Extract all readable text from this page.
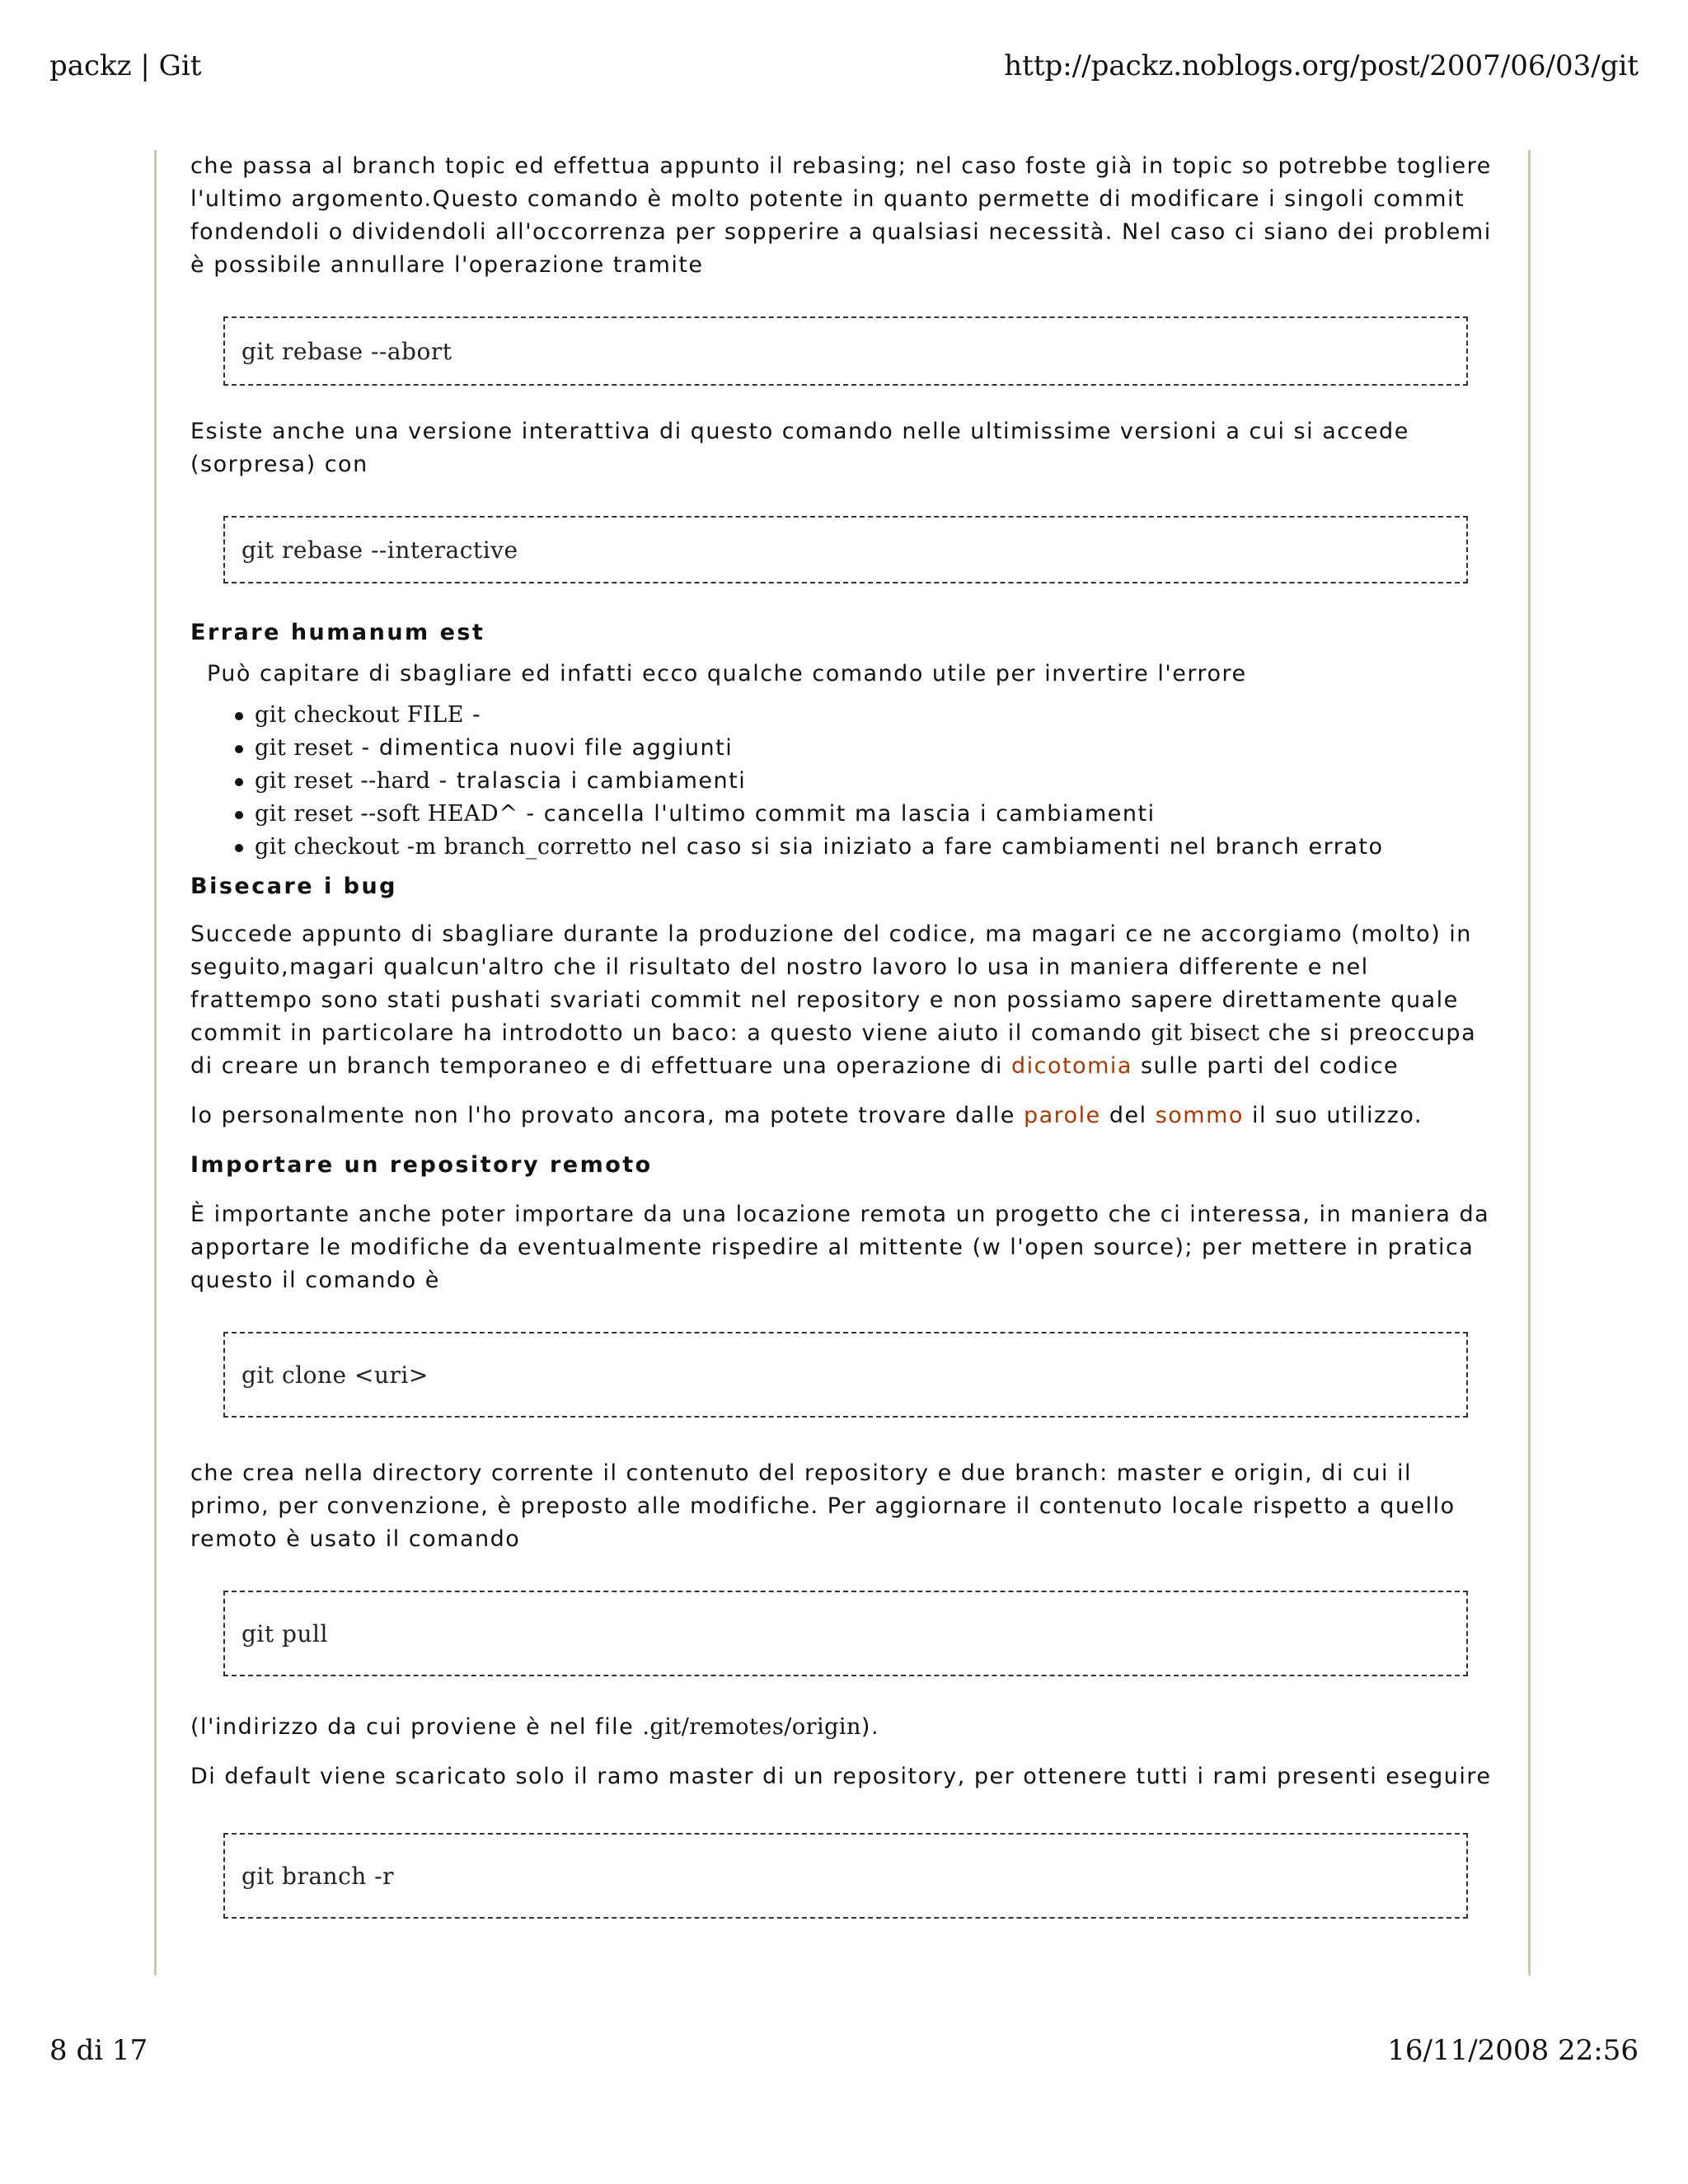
packz | Git	http://packz.noblogs.org/post/2007/06/03/git

che passa al branch topic ed effettua appunto il rebasing; nel caso foste già in topic so potrebbe togliere
l'ultimo argomento.Questo comando è molto potente in quanto permette di modificare i singoli commit
fondendoli o dividendoli all'occorrenza per sopperire a qualsiasi necessità. Nel caso ci siano dei problemi
è possibile annullare l'operazione tramite

git rebase --abort

Esiste anche una versione interattiva di questo comando nelle ultimissime versioni a cui si accede
(sorpresa) con

git rebase --interactive
Errare humanum est

Può capitare di sbagliare ed infatti ecco qualche comando utile per invertire l'errore

git checkout FILE -
git reset - dimentica nuovi file aggiunti
git reset --hard - tralascia i cambiamenti
git reset --soft HEAD^ - cancella l'ultimo commit ma lascia i cambiamenti
git checkout -m branch_corretto nel caso si sia iniziato a fare cambiamenti nel branch errato
Bisecare i bug

Succede appunto di sbagliare durante la produzione del codice, ma magari ce ne accorgiamo (molto) in
seguito,magari qualcun'altro che il risultato del nostro lavoro lo usa in maniera differente e nel
frattempo sono stati pushati svariati commit nel repository e non possiamo sapere direttamente quale
commit in particolare ha introdotto un baco: a questo viene aiuto il comando git bisect che si preoccupa
di creare un branch temporaneo e di effettuare una operazione di dicotomia sulle parti del codice

Io personalmente non l'ho provato ancora, ma potete trovare dalle parole del sommo il suo utilizzo.

Importare un repository remoto

È importante anche poter importare da una locazione remota un progetto che ci interessa, in maniera da
apportare le modifiche da eventualmente rispedire al mittente (w l'open source); per mettere in pratica
questo il comando è

git clone <uri>

che crea nella directory corrente il contenuto del repository e due branch: master e origin, di cui il
primo, per convenzione, è preposto alle modifiche. Per aggiornare il contenuto locale rispetto a quello
remoto è usato il comando

git pull

(l'indirizzo da cui proviene è nel file .git/remotes/origin).

Di default viene scaricato solo il ramo master di un repository, per ottenere tutti i rami presenti eseguire

git branch -r
8 di 17	16/11/2008 22:56
